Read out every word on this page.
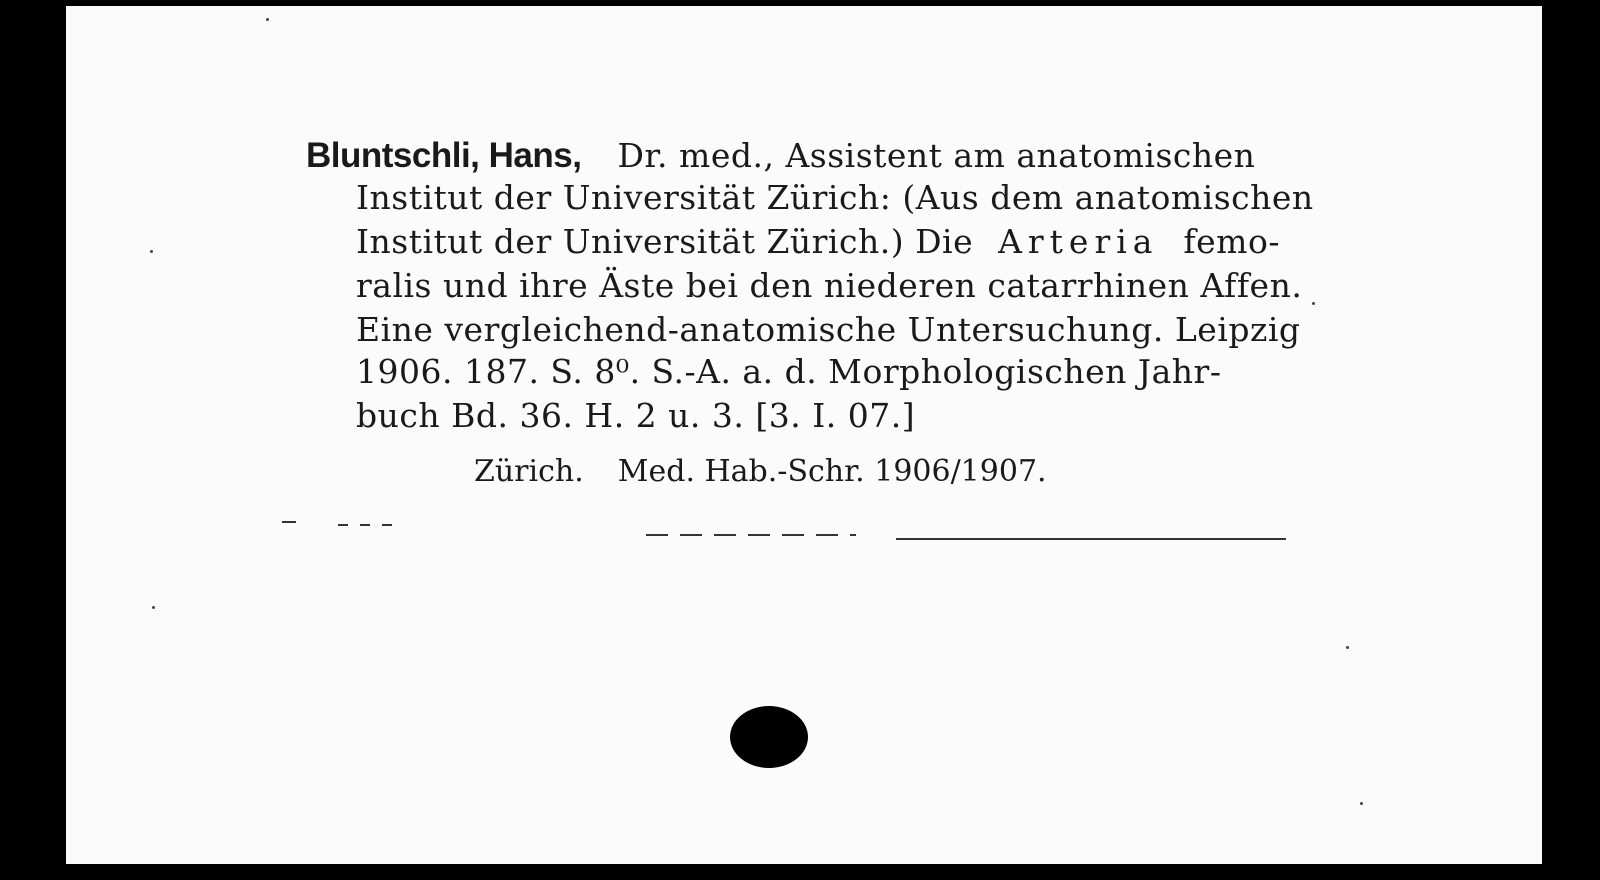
Bluntschli, Hans, Dr. med., Assistent am anatomischen
Institut der Universität Zürich: (Aus dem anatomischen
Institut der Universität Zürich.) Die Arteria femo-
ralis und ihre Äste bei den niederen catarrhinen Affen.
Eine vergleichend-anatomische Untersuchung. Leipzig
1906. 187. S. 8⁰. S.-A. a. d. Morphologischen Jahr-
buch Bd. 36. H. 2 u. 3. [3. I. 07.]
Zürich. Med. Hab.-Schr. 1906/1907.
